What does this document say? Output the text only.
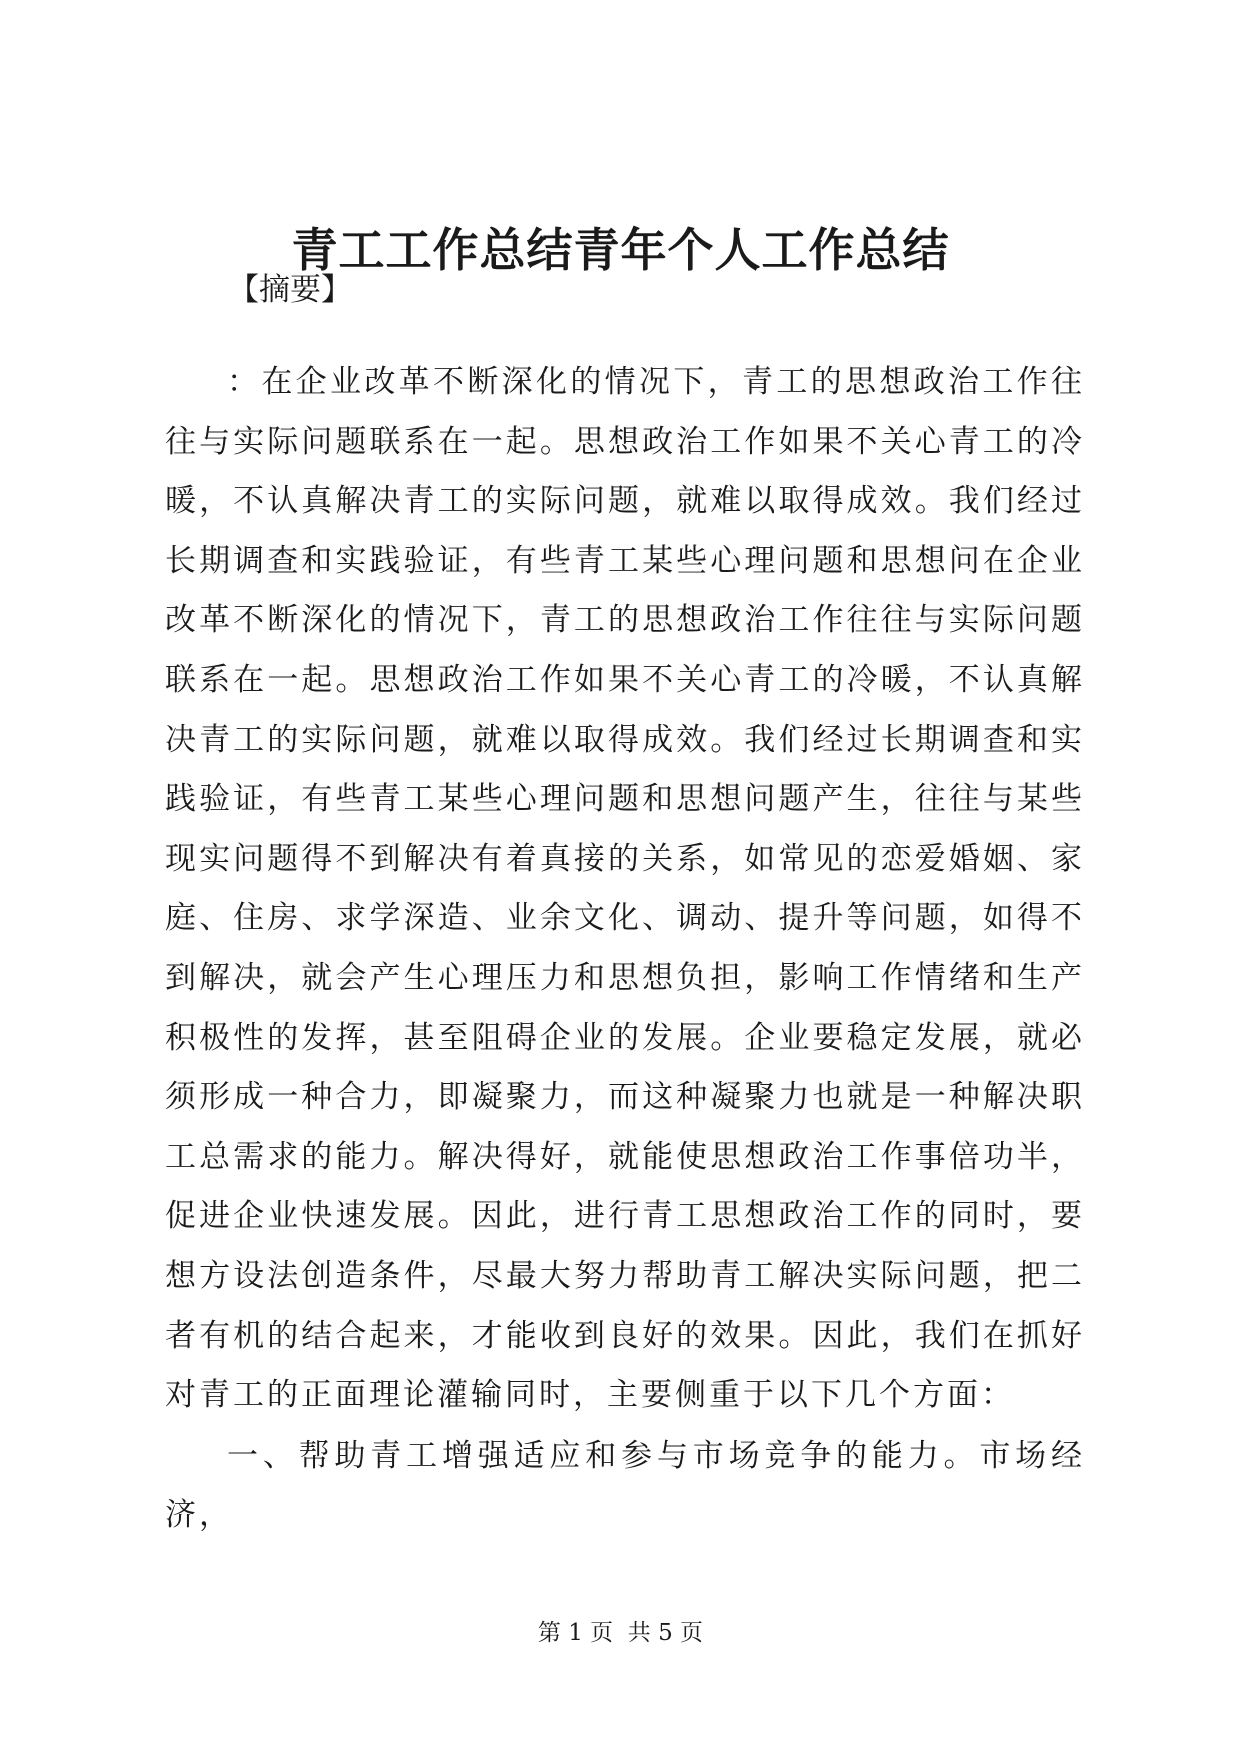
青工工作总结青年个人工作总结
【摘要】

：在企业改革不断深化的情况下，青工的思想政治工作往往与实际问题联系在一起。思想政治工作如果不关心青工的冷暖，不认真解决青工的实际问题，就难以取得成效。我们经过长期调查和实践验证，有些青工某些心理问题和思想问在企业改革不断深化的情况下，青工的思想政治工作往往与实际问题联系在一起。思想政治工作如果不关心青工的冷暖，不认真解决青工的实际问题，就难以取得成效。我们经过长期调查和实践验证，有些青工某些心理问题和思想问题产生，往往与某些现实问题得不到解决有着真接的关系，如常见的恋爱婚姻、家庭、住房、求学深造、业余文化、调动、提升等问题，如得不到解决，就会产生心理压力和思想负担，影响工作情绪和生产积极性的发挥，甚至阻碍企业的发展。企业要稳定发展，就必须形成一种合力，即凝聚力，而这种凝聚力也就是一种解决职工总需求的能力。解决得好，就能使思想政治工作事倍功半，促进企业快速发展。因此，进行青工思想政治工作的同时，要想方设法创造条件，尽最大努力帮助青工解决实际问题，把二者有机的结合起来，才能收到良好的效果。因此，我们在抓好对青工的正面理论灌输同时，主要侧重于以下几个方面：

一、帮助青工增强适应和参与市场竞争的能力。市场经济，

第 1 页  共 5 页
